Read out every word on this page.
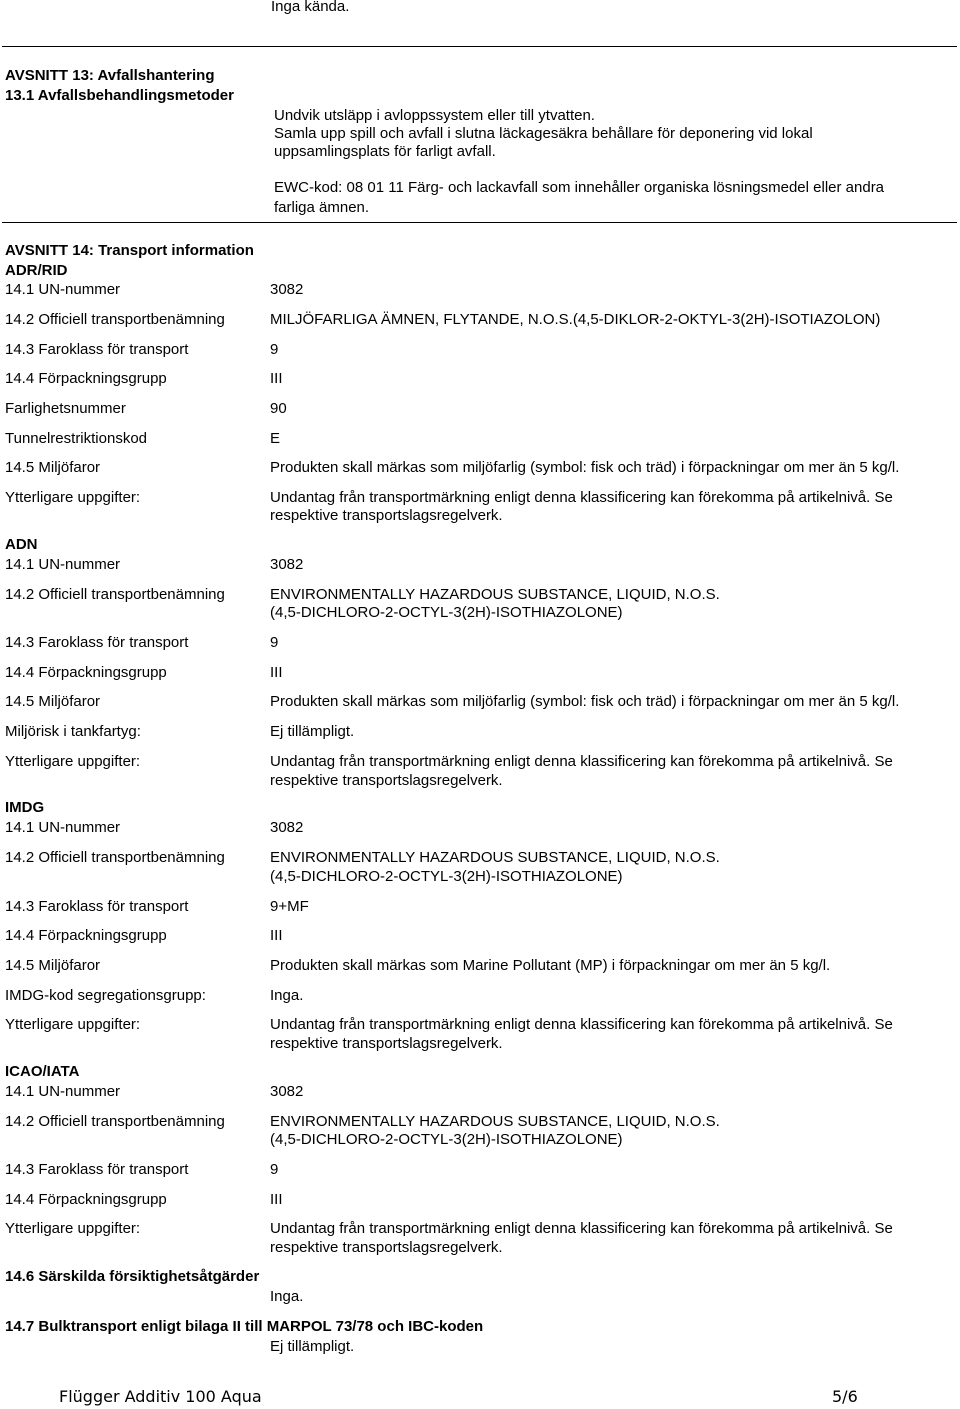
Inga kända.
AVSNITT 13: Avfallshantering
13.1 Avfallsbehandlingsmetoder
Undvik utsläpp i avloppssystem eller till ytvatten.
Samla upp spill och avfall i slutna läckagesäkra behållare för deponering vid lokal
uppsamlingsplats för farligt avfall.
EWC-kod: 08 01 11 Färg- och lackavfall som innehåller organiska lösningsmedel eller andra
farliga ämnen.
AVSNITT 14: Transport information
ADR/RID
14.1 UN-nummer	3082
14.2 Officiell transportbenämning	MILJÖFARLIGA ÄMNEN, FLYTANDE, N.O.S.(4,5-DIKLOR-2-OKTYL-3(2H)-ISOTIAZOLON)
14.3 Faroklass för transport	9
14.4 Förpackningsgrupp	III
Farlighetsnummer	90
Tunnelrestriktionskod	E
14.5 Miljöfaror	Produkten skall märkas som miljöfarlig (symbol: fisk och träd) i förpackningar om mer än 5 kg/l.
Ytterligare uppgifter:	Undantag från transportmärkning enligt denna klassificering kan förekomma på artikelnivå. Se
respektive transportslagsregelverk.
ADN
14.1 UN-nummer	3082
14.2 Officiell transportbenämning	ENVIRONMENTALLY HAZARDOUS SUBSTANCE, LIQUID, N.O.S.
(4,5-DICHLORO-2-OCTYL-3(2H)-ISOTHIAZOLONE)
14.3 Faroklass för transport	9
14.4 Förpackningsgrupp	III
14.5 Miljöfaror	Produkten skall märkas som miljöfarlig (symbol: fisk och träd) i förpackningar om mer än 5 kg/l.
Miljörisk i tankfartyg:	Ej tillämpligt.
Ytterligare uppgifter:	Undantag från transportmärkning enligt denna klassificering kan förekomma på artikelnivå. Se
respektive transportslagsregelverk.
IMDG
14.1 UN-nummer	3082
14.2 Officiell transportbenämning	ENVIRONMENTALLY HAZARDOUS SUBSTANCE, LIQUID, N.O.S.
(4,5-DICHLORO-2-OCTYL-3(2H)-ISOTHIAZOLONE)
14.3 Faroklass för transport	9+MF
14.4 Förpackningsgrupp	III
14.5 Miljöfaror	Produkten skall märkas som Marine Pollutant (MP) i förpackningar om mer än 5 kg/l.
IMDG-kod segregationsgrupp:	Inga.
Ytterligare uppgifter:	Undantag från transportmärkning enligt denna klassificering kan förekomma på artikelnivå. Se
respektive transportslagsregelverk.
ICAO/IATA
14.1 UN-nummer	3082
14.2 Officiell transportbenämning	ENVIRONMENTALLY HAZARDOUS SUBSTANCE, LIQUID, N.O.S.
(4,5-DICHLORO-2-OCTYL-3(2H)-ISOTHIAZOLONE)
14.3 Faroklass för transport	9
14.4 Förpackningsgrupp	III
Ytterligare uppgifter:	Undantag från transportmärkning enligt denna klassificering kan förekomma på artikelnivå. Se
respektive transportslagsregelverk.
14.6 Särskilda försiktighetsåtgärder
Inga.
14.7 Bulktransport enligt bilaga II till MARPOL 73/78 och IBC-koden
Ej tillämpligt.
Flügger Additiv 100 Aqua	5/6
